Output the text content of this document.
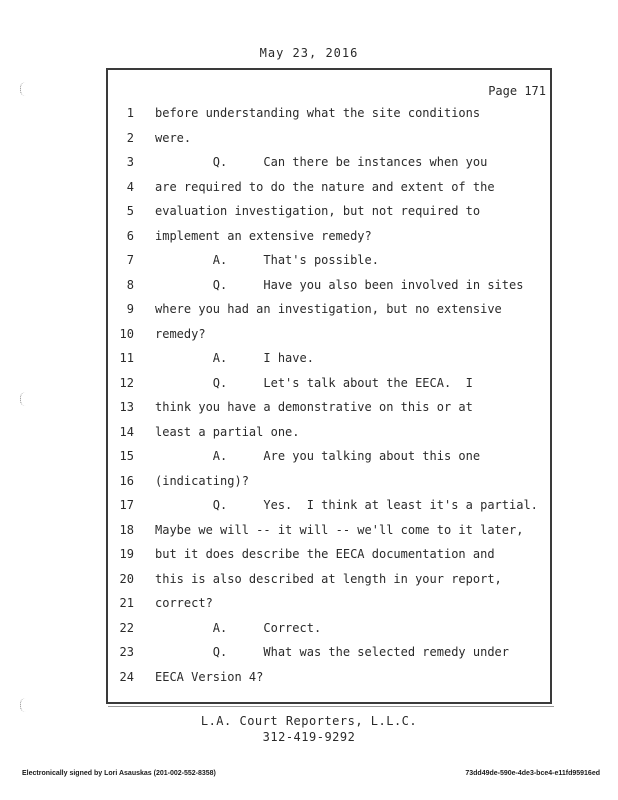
May 23, 2016
Page 171
1 before understanding what the site conditions
2 were.
3 Q.     Can there be instances when you
4 are required to do the nature and extent of the
5 evaluation investigation, but not required to
6 implement an extensive remedy?
7 A.     That's possible.
8 Q.     Have you also been involved in sites
9 where you had an investigation, but no extensive
10 remedy?
11 A.     I have.
12 Q.     Let's talk about the EECA.  I
13 think you have a demonstrative on this or at
14 least a partial one.
15 A.     Are you talking about this one
16 (indicating)?
17 Q.     Yes.  I think at least it's a partial.
18 Maybe we will -- it will -- we'll come to it later,
19 but it does describe the EECA documentation and
20 this is also described at length in your report,
21 correct?
22 A.     Correct.
23 Q.     What was the selected remedy under
24 EECA Version 4?
L.A. Court Reporters, L.L.C.
312-419-9292
Electronically signed by Lori Asauskas (201-002-552-8358)	73dd49de-590e-4de3-bce4-e11fd95916ed
